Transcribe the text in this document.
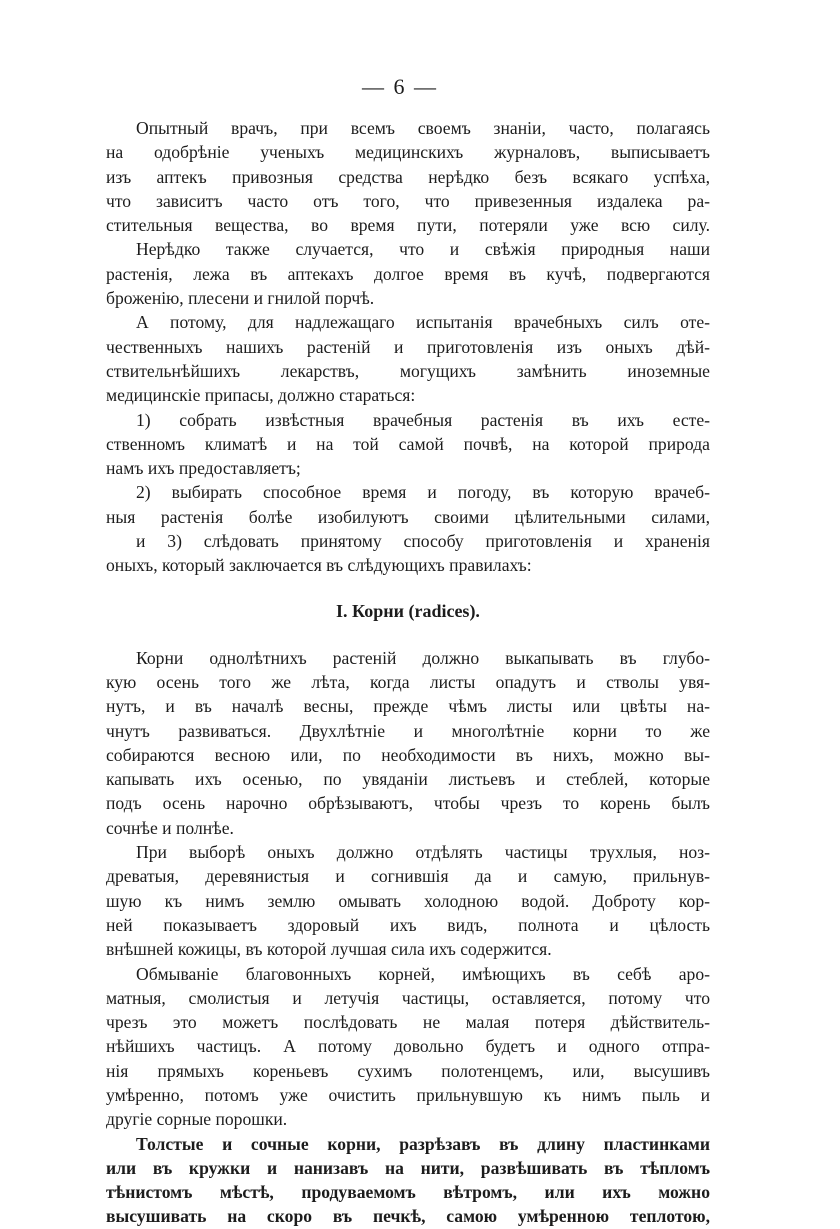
— 6 —
Опытный врачъ, при всемъ своемъ знаніи, часто, полагаясь
на одобрѣніе ученыхъ медицинскихъ журналовъ, выписываетъ
изъ аптекъ привозныя средства нерѣдко безъ всякаго успѣха,
что зависитъ часто отъ того, что привезенныя издалека ра-
стительныя вещества, во время пути, потеряли уже всю силу.
Нерѣдко также случается, что и свѣжія природныя наши
растенія, лежа въ аптекахъ долгое время въ кучѣ, подвергаются
броженію, плесени и гнилой порчѣ.
А потому, для надлежащаго испытанія врачебныхъ силъ оте-
чественныхъ нашихъ растеній и приготовленія изъ оныхъ дѣй-
ствительнѣйшихъ лекарствъ, могущихъ замѣнить иноземные
медицинскіе припасы, должно стараться:
1) собрать извѣстныя врачебныя растенія въ ихъ есте-
ственномъ климатѣ и на той самой почвѣ, на которой природа
намъ ихъ предоставляетъ;
2) выбирать способное время и погоду, въ которую врачеб-
ныя растенія болѣе изобилуютъ своими цѣлительными силами,
и 3) слѣдовать принятому способу приготовленія и храненія
оныхъ, который заключается въ слѣдующихъ правилахъ:
I. Корни (radices).
Корни однолѣтнихъ растеній должно выкапывать въ глубо-
кую осень того же лѣта, когда листы опадутъ и стволы увя-
нутъ, и въ началѣ весны, прежде чѣмъ листы или цвѣты на-
чнутъ развиваться. Двухлѣтніе и многолѣтніе корни то же
собираются весною или, по необходимости въ нихъ, можно вы-
капывать ихъ осенью, по увяданіи листьевъ и стеблей, которые
подъ осень нарочно обрѣзываютъ, чтобы чрезъ то корень былъ
сочнѣе и полнѣе.
При выборѣ оныхъ должно отдѣлять частицы трухлыя, ноз-
древатыя, деревянистыя и согнившія да и самую, прильнув-
шую къ нимъ землю омывать холодною водой. Доброту кор-
ней показываетъ здоровый ихъ видъ, полнота и цѣлость
внѣшней кожицы, въ которой лучшая сила ихъ содержится.
Обмываніе благовонныхъ корней, имѣющихъ въ себѣ аро-
матныя, смолистыя и летучія частицы, оставляется, потому что
чрезъ это можетъ послѣдовать не малая потеря дѣйствитель-
нѣйшихъ частицъ. А потому довольно будетъ и одного отпра-
нія прямыхъ кореньевъ сухимъ полотенцемъ, или, высушивъ
умѣренно, потомъ уже очистить прильнувшую къ нимъ пыль и
другіе сорные порошки.
Толстые и сочные корни, разрѣзавъ въ длину пластинками
или въ кружки и нанизавъ на нити, развѣшивать въ тѣпломъ
тѣнистомъ мѣстѣ, продуваемомъ вѣтромъ, или ихъ можно
высушивать на скоро въ печкѣ, самою умѣренною теплотою,
